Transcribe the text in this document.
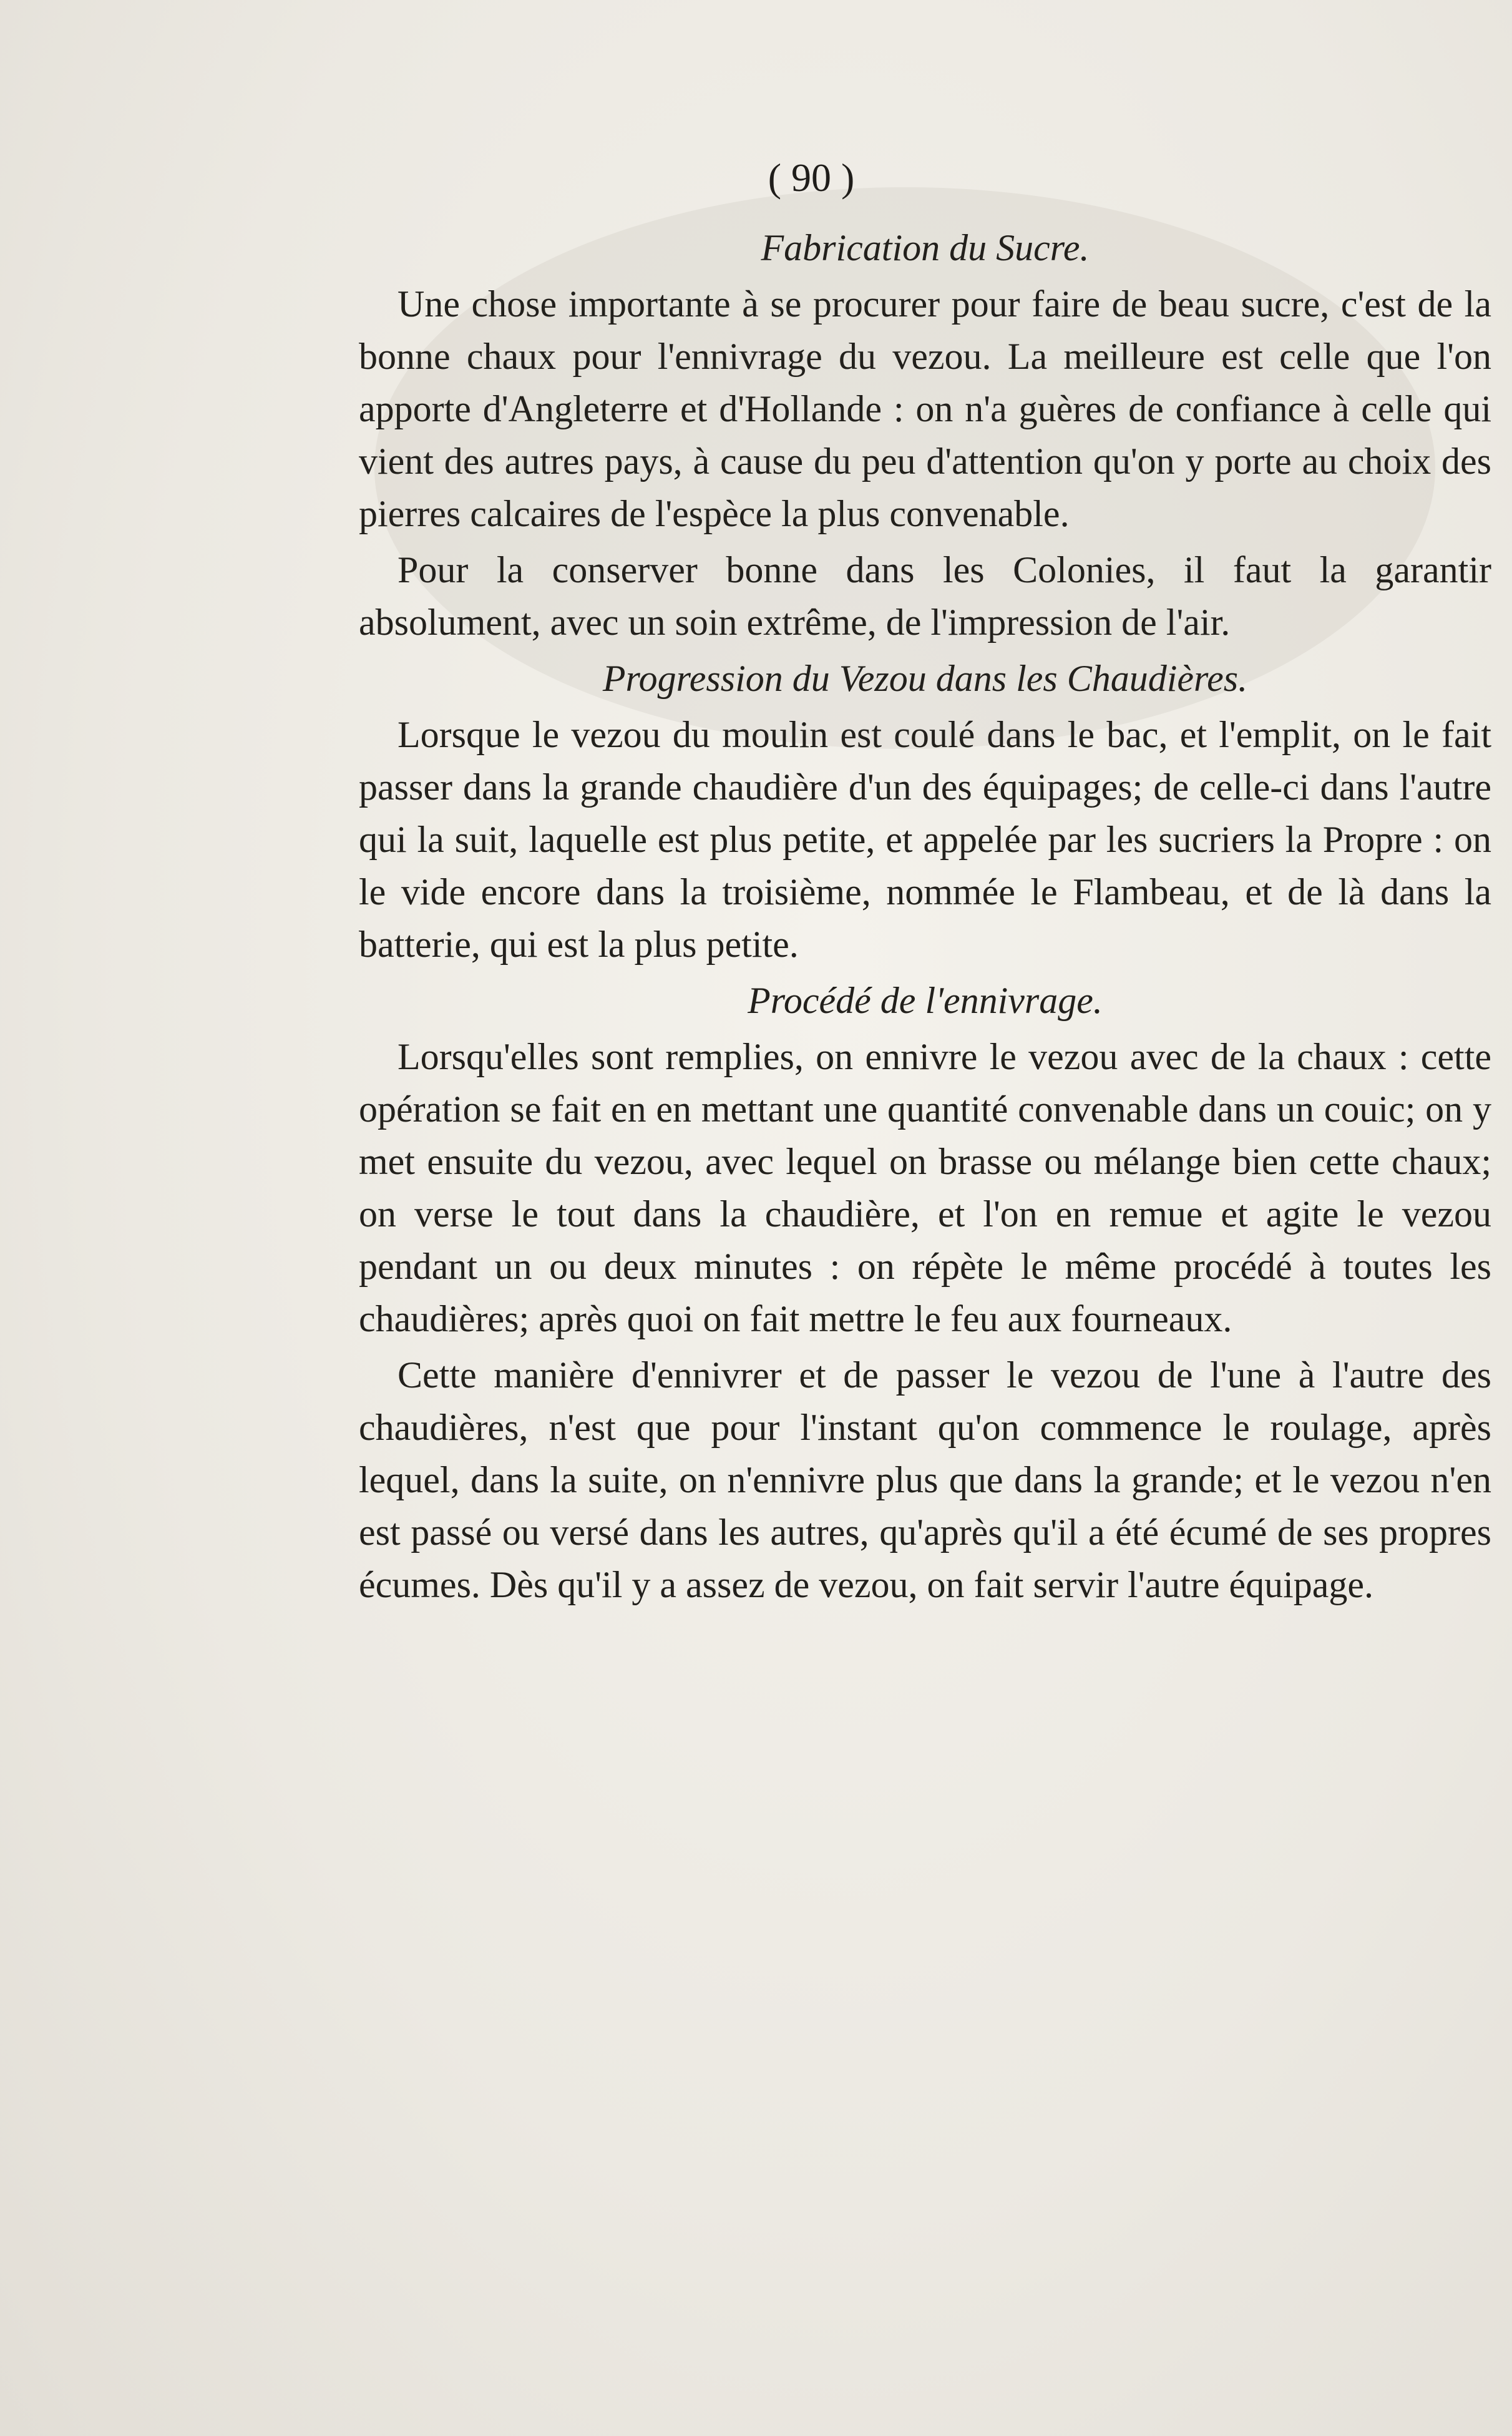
( 90 )
Fabrication du Sucre.

Une chose importante à se procurer pour faire de beau sucre, c'est de la bonne chaux pour l'ennivrage du vezou. La meilleure est celle que l'on apporte d'Angleterre et d'Hollande : on n'a guères de confiance à celle qui vient des autres pays, à cause du peu d'attention qu'on y porte au choix des pierres calcaires de l'espèce la plus convenable.

Pour la conserver bonne dans les Colonies, il faut la garantir absolument, avec un soin extrême, de l'impression de l'air.

Progression du Vezou dans les Chaudières.

Lorsque le vezou du moulin est coulé dans le bac, et l'emplit, on le fait passer dans la grande chaudière d'un des équipages; de celle-ci dans l'autre qui la suit, laquelle est plus petite, et appelée par les sucriers la Propre : on le vide encore dans la troisième, nommée le Flambeau, et de là dans la batterie, qui est la plus petite.

Procédé de l'ennivrage.

Lorsqu'elles sont remplies, on ennivre le vezou avec de la chaux : cette opération se fait en en mettant une quantité convenable dans un couic; on y met ensuite du vezou, avec lequel on brasse ou mélange bien cette chaux; on verse le tout dans la chaudière, et l'on en remue et agite le vezou pendant un ou deux minutes : on répète le même procédé à toutes les chaudières; après quoi on fait mettre le feu aux fourneaux.

Cette manière d'ennivrer et de passer le vezou de l'une à l'autre des chaudières, n'est que pour l'instant qu'on commence le roulage, après lequel, dans la suite, on n'ennivre plus que dans la grande; et le vezou n'en est passé ou versé dans les autres, qu'après qu'il a été écumé de ses propres écumes. Dès qu'il y a assez de vezou, on fait servir l'autre équipage.
